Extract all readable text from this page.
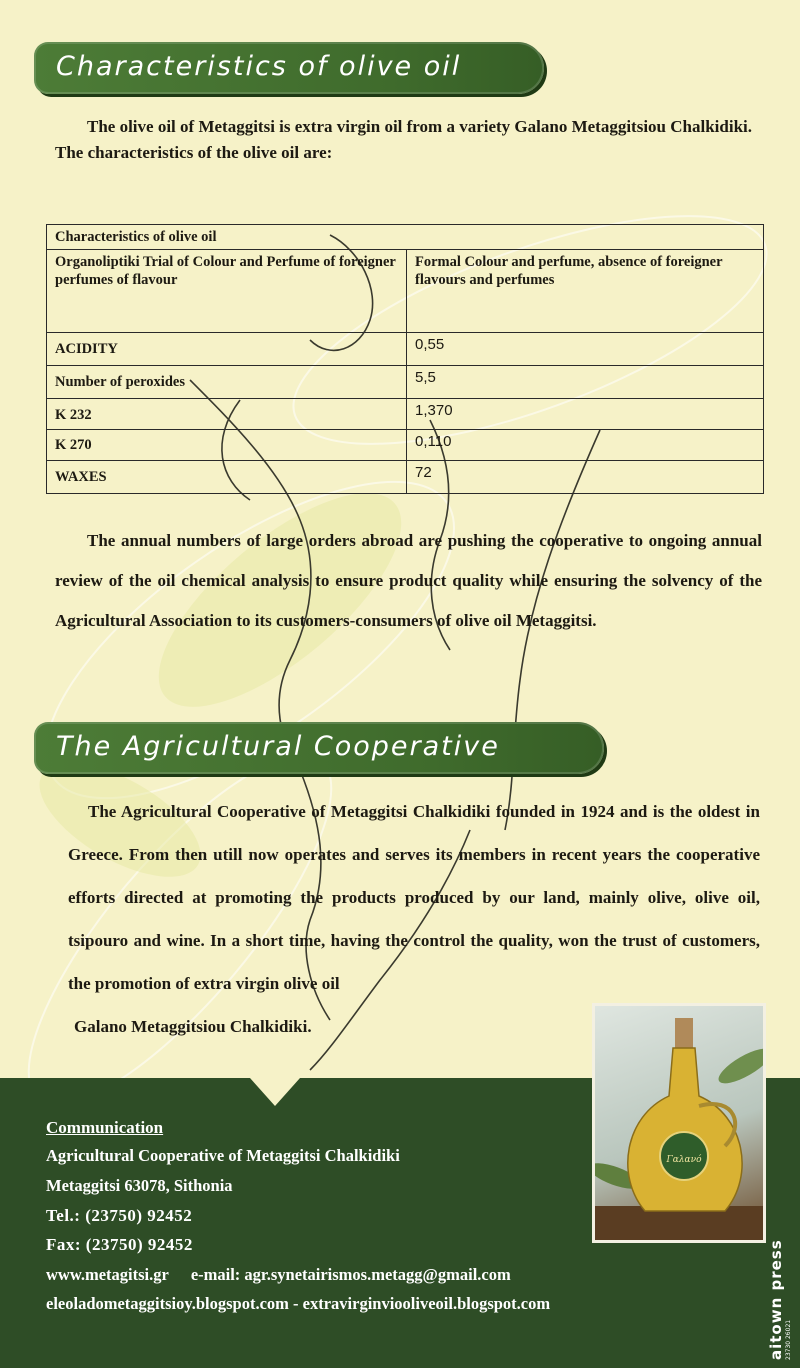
Characteristics of olive oil
The olive oil of Metaggitsi is extra virgin oil from a variety Galano Metaggitsiou Chalkidiki.
The characteristics of the olive oil are:
Characteristics of olive oil	
Organoliptiki Trial of Colour and Perfume of foreigner perfumes of flavour	Formal Colour and perfume, absence of foreigner flavours and perfumes
ACIDITY	0,55
Number of peroxides	5,5
K 232	1,370
K 270	0,110
WAXES	72
The annual numbers of large orders abroad are pushing the cooperative to ongoing annual review of the oil chemical analysis to ensure product quality while ensuring the solvency of the Agricultural Association to its customers-consumers of olive oil Metaggitsi.
The Agricultural Cooperative
The Agricultural Cooperative of Metaggitsi Chalkidiki founded in 1924 and is the oldest in Greece. From then utill now operates and serves its members in recent years the cooperative efforts directed at promoting the products produced by our land, mainly olive, olive oil, tsipouro and wine. In a short time, having the control the quality, won the trust of customers, the promotion of extra virgin olive oil
Galano Metaggitsiou Chalkidiki.
Γαλανό
Communication
Agricultural Cooperative of Metaggitsi Chalkidiki
Metaggitsi 63078, Sithonia
Tel.: (23750) 92452
Fax: (23750) 92452
www.metagitsi.gr e-mail: agr.synetairismos.metagg@gmail.com
eleoladometaggitsioy.blogspot.com - extravirginviooliveoil.blogspot.com	aitown press 23730 26021
